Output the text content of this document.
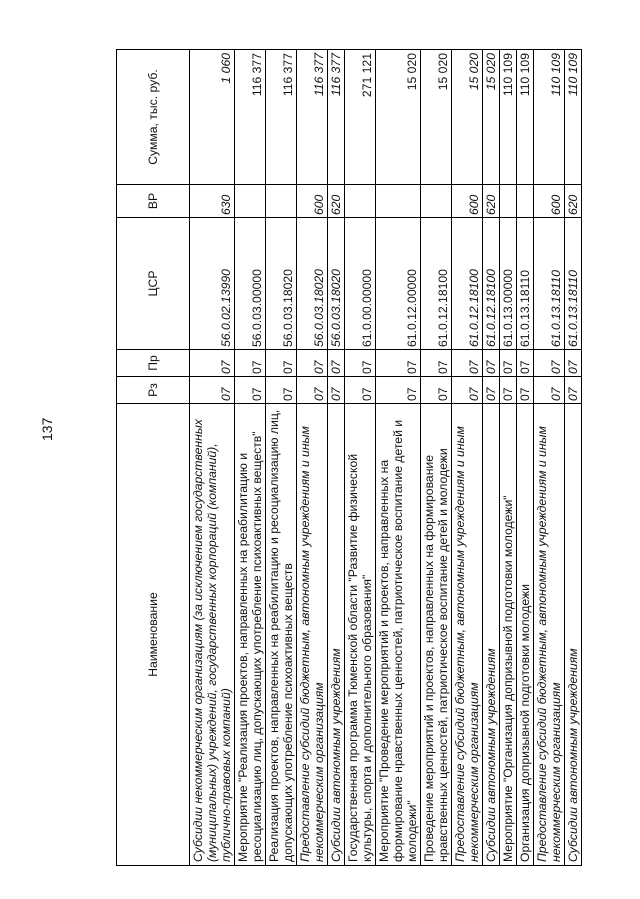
137
Наименование	Рз	Пр	ЦСР	ВР	Сумма, тыс. руб.
Субсидии некоммерческим организациям (за исключением государственных (муниципальных) учреждений, государственных корпораций (компаний), публично-правовых компаний)	07	07	56.0.02.13990	630	1 060
Мероприятие "Реализация проектов, направленных на реабилитацию и ресоциализацию лиц, допускающих употребление психоактивных веществ"	07	07	56.0.03.00000		116 377
Реализация проектов, направленных на реабилитацию и ресоциализацию лиц, допускающих употребление психоактивных веществ	07	07	56.0.03.18020		116 377
Предоставление субсидий бюджетным, автономным учреждениям и иным некоммерческим организациям	07	07	56.0.03.18020	600	116 377
Субсидии автономным учреждениям	07	07	56.0.03.18020	620	116 377
Государственная программа Тюменской области "Развитие физической культуры, спорта и дополнительного образования"	07	07	61.0.00.00000		271 121
Мероприятие "Проведение мероприятий и проектов, направленных на формирование нравственных ценностей, патриотическое воспитание детей и молодежи"	07	07	61.0.12.00000		15 020
Проведение мероприятий и проектов, направленных на формирование нравственных ценностей, патриотическое воспитание детей и молодежи	07	07	61.0.12.18100		15 020
Предоставление субсидий бюджетным, автономным учреждениям и иным некоммерческим организациям	07	07	61.0.12.18100	600	15 020
Субсидии автономным учреждениям	07	07	61.0.12.18100	620	15 020
Мероприятие "Организация допризывной подготовки молодежи"	07	07	61.0.13.00000		110 109
Организация допризывной подготовки молодежи	07	07	61.0.13.18110		110 109
Предоставление субсидий бюджетным, автономным учреждениям и иным некоммерческим организациям	07	07	61.0.13.18110	600	110 109
Субсидии автономным учреждениям	07	07	61.0.13.18110	620	110 109
